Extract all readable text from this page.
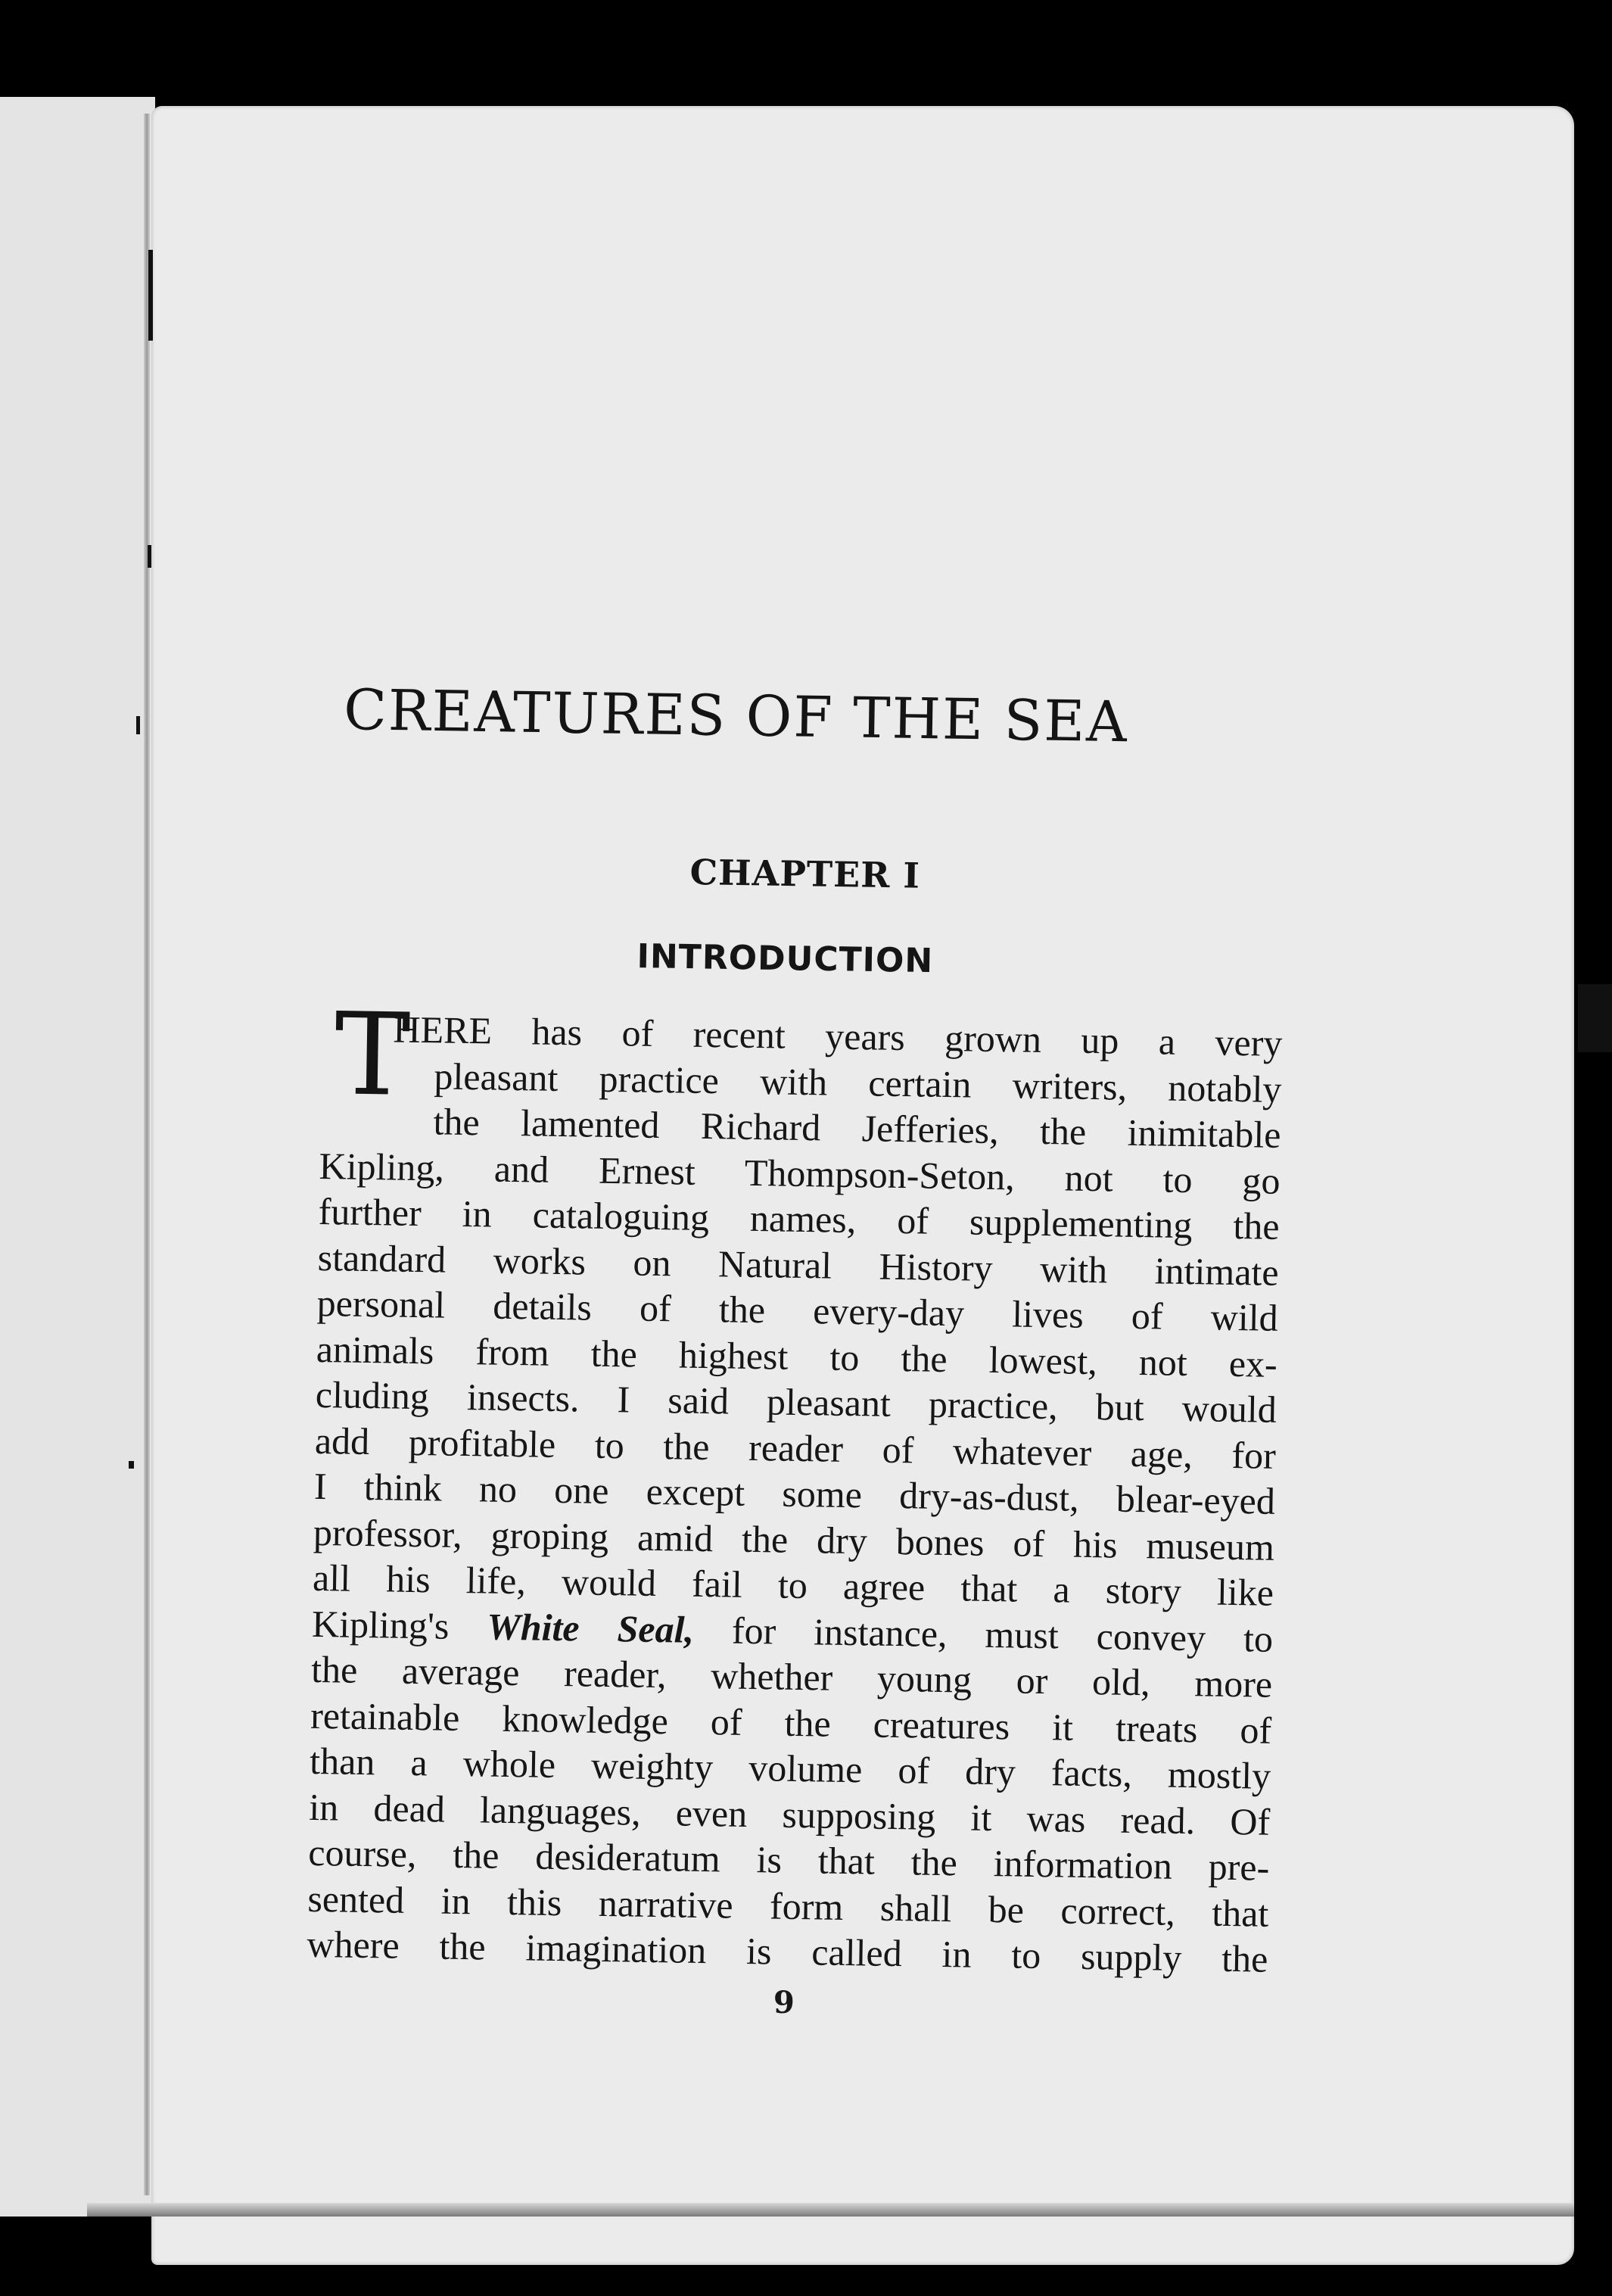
CREATURES OF THE SEA
CHAPTER I
INTRODUCTION
T
HERE has of recent years grown up a very
pleasant practice with certain writers, notably
the lamented Richard Jefferies, the inimitable
Kipling, and Ernest Thompson-Seton, not to go
further in cataloguing names, of supplementing the
standard works on Natural History with intimate
personal details of the every-day lives of wild
animals from the highest to the lowest, not ex-
cluding insects. I said pleasant practice, but would
add profitable to the reader of whatever age, for
I think no one except some dry-as-dust, blear-eyed
professor, groping amid the dry bones of his museum
all his life, would fail to agree that a story like
Kipling's White Seal, for instance, must convey to
the average reader, whether young or old, more
retainable knowledge of the creatures it treats of
than a whole weighty volume of dry facts, mostly
in dead languages, even supposing it was read. Of
course, the desideratum is that the information pre-
sented in this narrative form shall be correct, that
where the imagination is called in to supply the

9
